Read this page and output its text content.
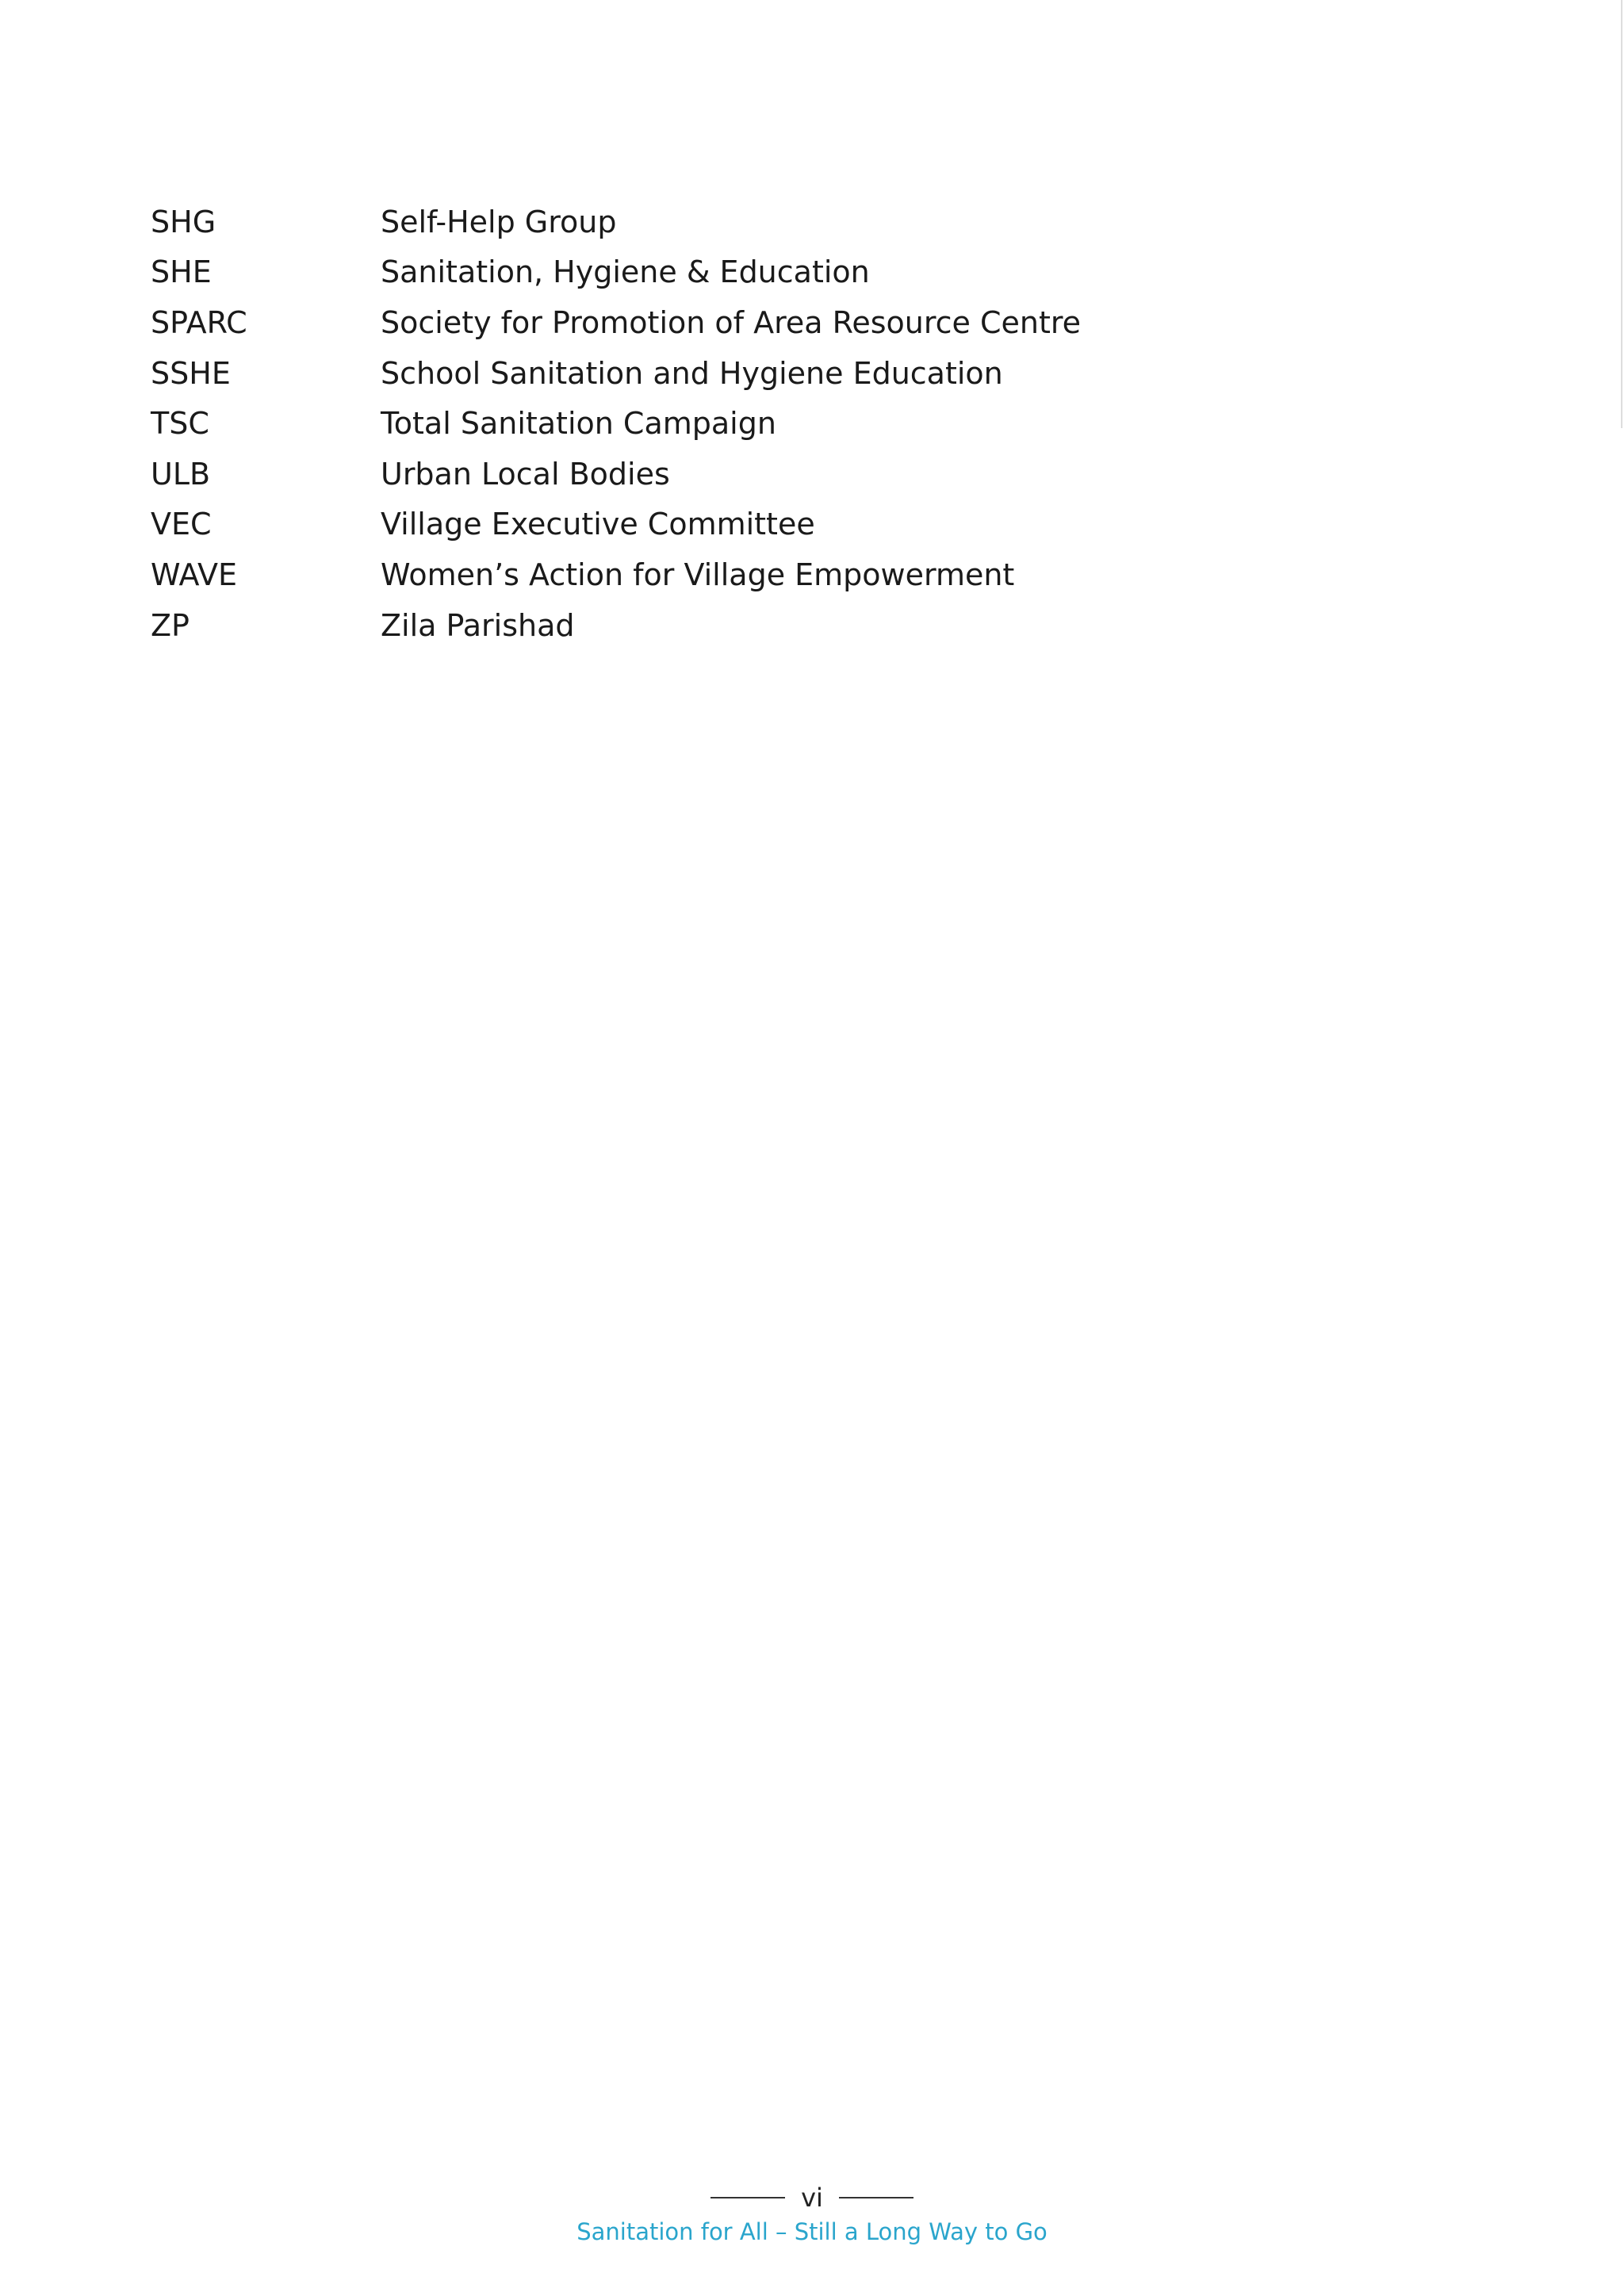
SHG	Self-Help Group
SHE	Sanitation, Hygiene & Education
SPARC	Society for Promotion of Area Resource Centre
SSHE	School Sanitation and Hygiene Education
TSC	Total Sanitation Campaign
ULB	Urban Local Bodies
VEC	Village Executive Committee
WAVE	Women’s Action for Village Empowerment
ZP	Zila Parishad
vi
Sanitation for All – Still a Long Way to Go
